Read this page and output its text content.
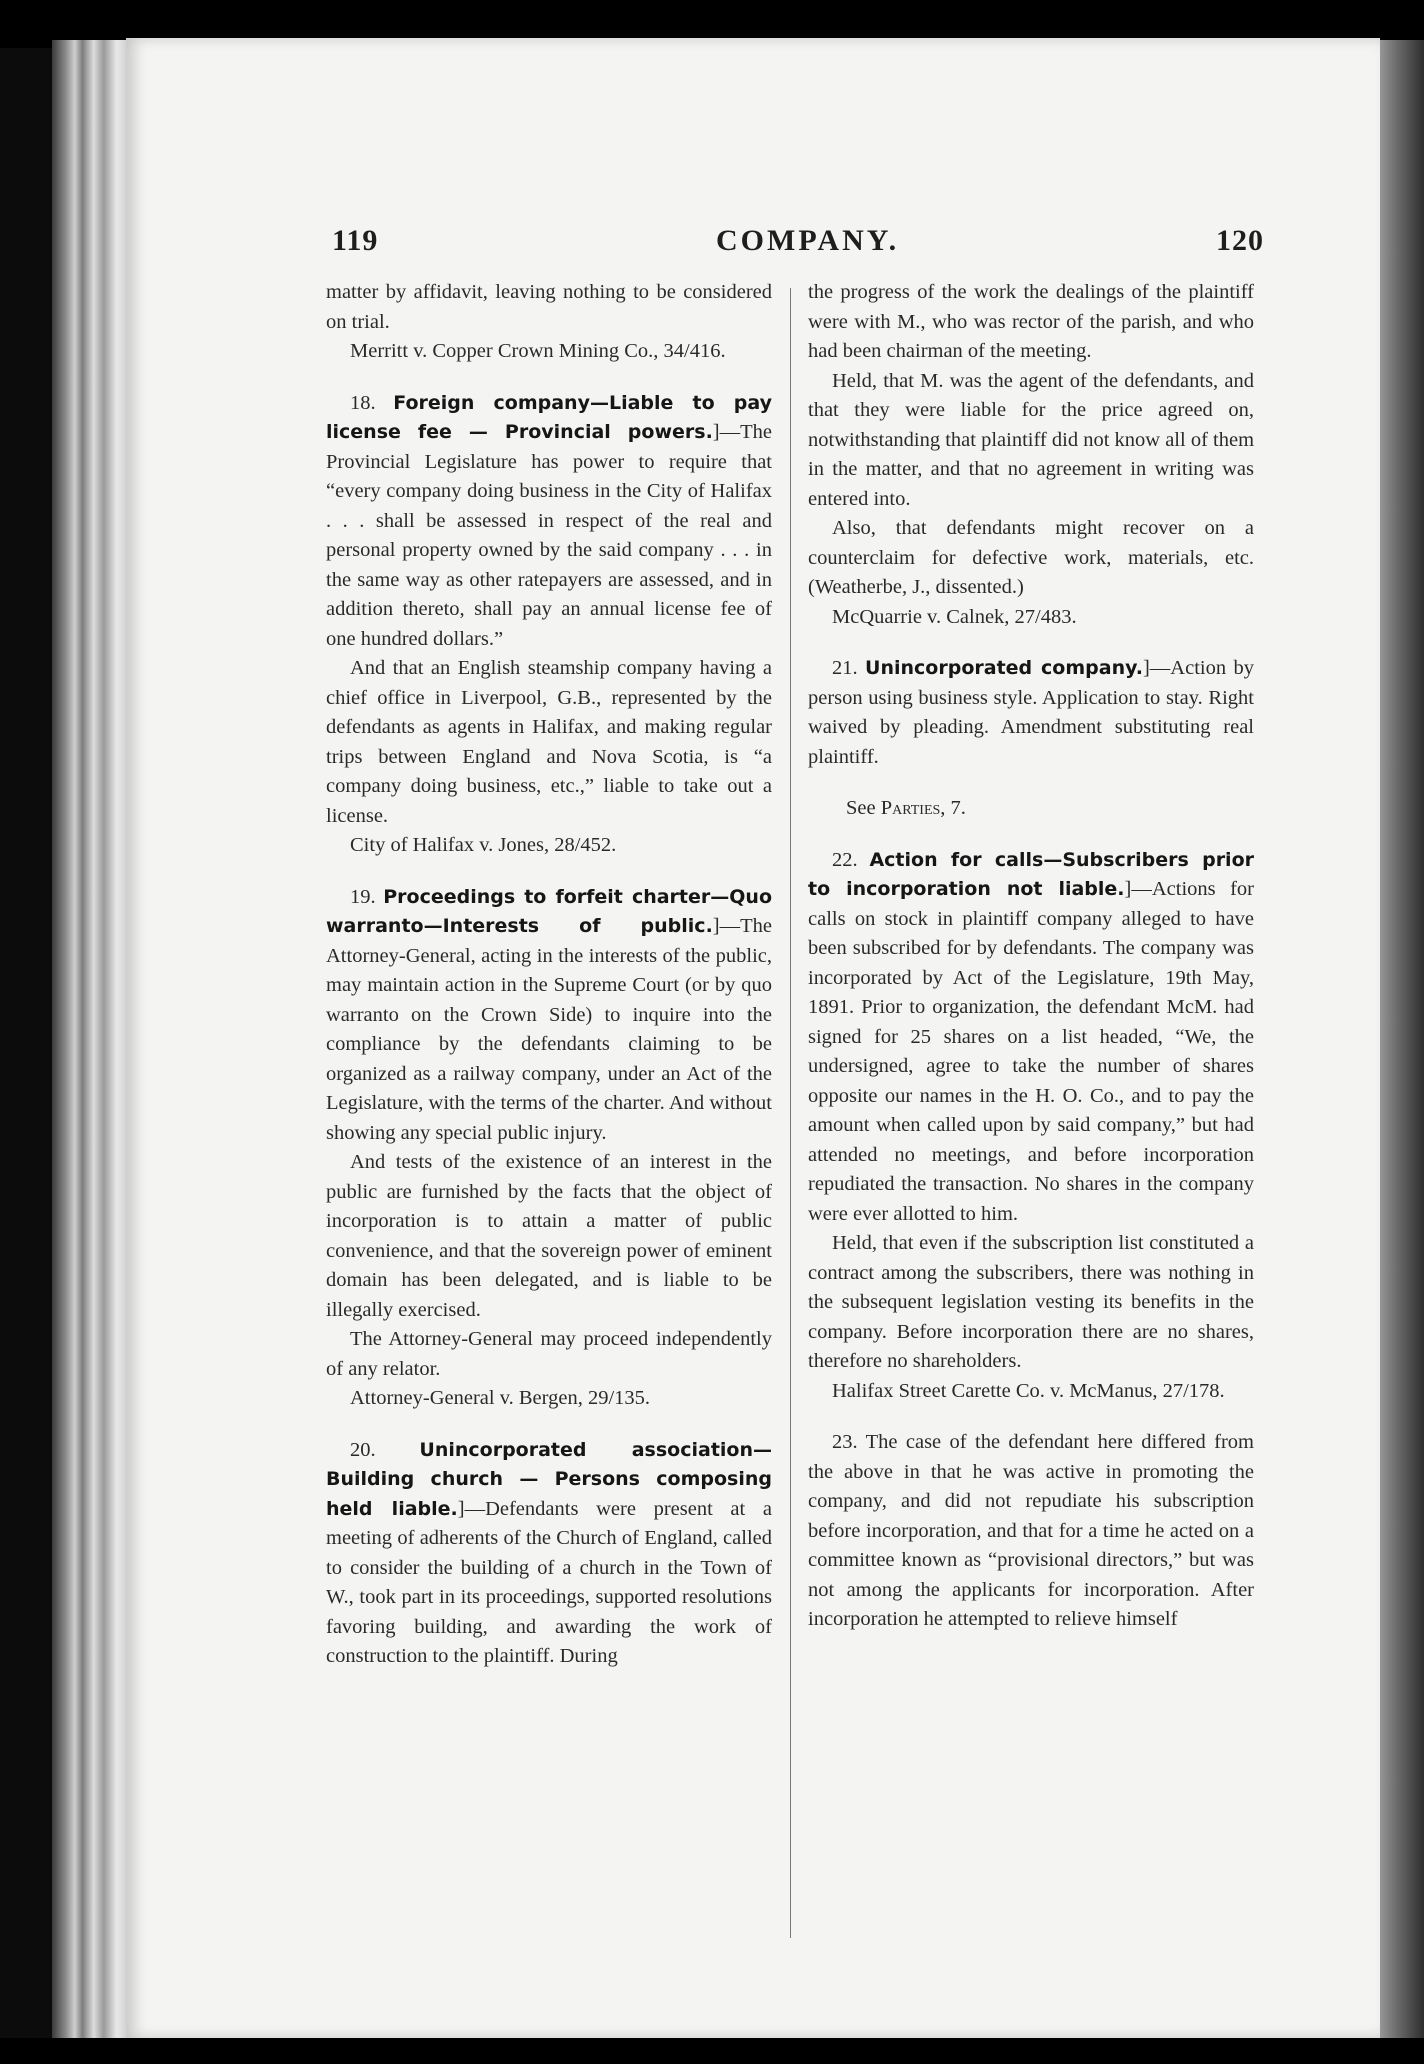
119	COMPANY.	120

matter by affidavit, leaving nothing to be considered on trial.

Merritt v. Copper Crown Mining Co., 34/416.

18. Foreign company—Liable to pay license fee — Provincial powers.]—The Provincial Legislature has power to require that “every company doing business in the City of Halifax . . . shall be assessed in respect of the real and personal property owned by the said company . . . in the same way as other ratepayers are assessed, and in addition thereto, shall pay an annual license fee of one hundred dollars.”

And that an English steamship company having a chief office in Liverpool, G.B., represented by the defendants as agents in Halifax, and making regular trips between England and Nova Scotia, is “a company doing business, etc.,” liable to take out a license.

City of Halifax v. Jones, 28/452.

19. Proceedings to forfeit charter—Quo warranto—Interests of public.]—The Attorney-General, acting in the interests of the public, may maintain action in the Supreme Court (or by quo warranto on the Crown Side) to inquire into the compliance by the defendants claiming to be organized as a railway company, under an Act of the Legislature, with the terms of the charter. And without showing any special public injury.

And tests of the existence of an interest in the public are furnished by the facts that the object of incorporation is to attain a matter of public convenience, and that the sovereign power of eminent domain has been delegated, and is liable to be illegally exercised.

The Attorney-General may proceed independently of any relator.

Attorney-General v. Bergen, 29/135.

20. Unincorporated association—Building church — Persons composing held liable.]—Defendants were present at a meeting of adherents of the Church of England, called to consider the building of a church in the Town of W., took part in its proceedings, supported resolutions favoring building, and awarding the work of construction to the plaintiff. During

the progress of the work the dealings of the plaintiff were with M., who was rector of the parish, and who had been chairman of the meeting.

Held, that M. was the agent of the defendants, and that they were liable for the price agreed on, notwithstanding that plaintiff did not know all of them in the matter, and that no agreement in writing was entered into.

Also, that defendants might recover on a counterclaim for defective work, materials, etc. (Weatherbe, J., dissented.)

McQuarrie v. Calnek, 27/483.

21. Unincorporated company.]—Action by person using business style. Application to stay. Right waived by pleading. Amendment substituting real plaintiff.

See Parties, 7.

22. Action for calls—Subscribers prior to incorporation not liable.]—Actions for calls on stock in plaintiff company alleged to have been subscribed for by defendants. The company was incorporated by Act of the Legislature, 19th May, 1891. Prior to organization, the defendant McM. had signed for 25 shares on a list headed, “We, the undersigned, agree to take the number of shares opposite our names in the H. O. Co., and to pay the amount when called upon by said company,” but had attended no meetings, and before incorporation repudiated the transaction. No shares in the company were ever allotted to him.

Held, that even if the subscription list constituted a contract among the subscribers, there was nothing in the subsequent legislation vesting its benefits in the company. Before incorporation there are no shares, therefore no shareholders.

Halifax Street Carette Co. v. McManus, 27/178.

23. The case of the defendant here differed from the above in that he was active in promoting the company, and did not repudiate his subscription before incorporation, and that for a time he acted on a committee known as “provisional directors,” but was not among the applicants for incorporation. After incorporation he attempted to relieve himself
